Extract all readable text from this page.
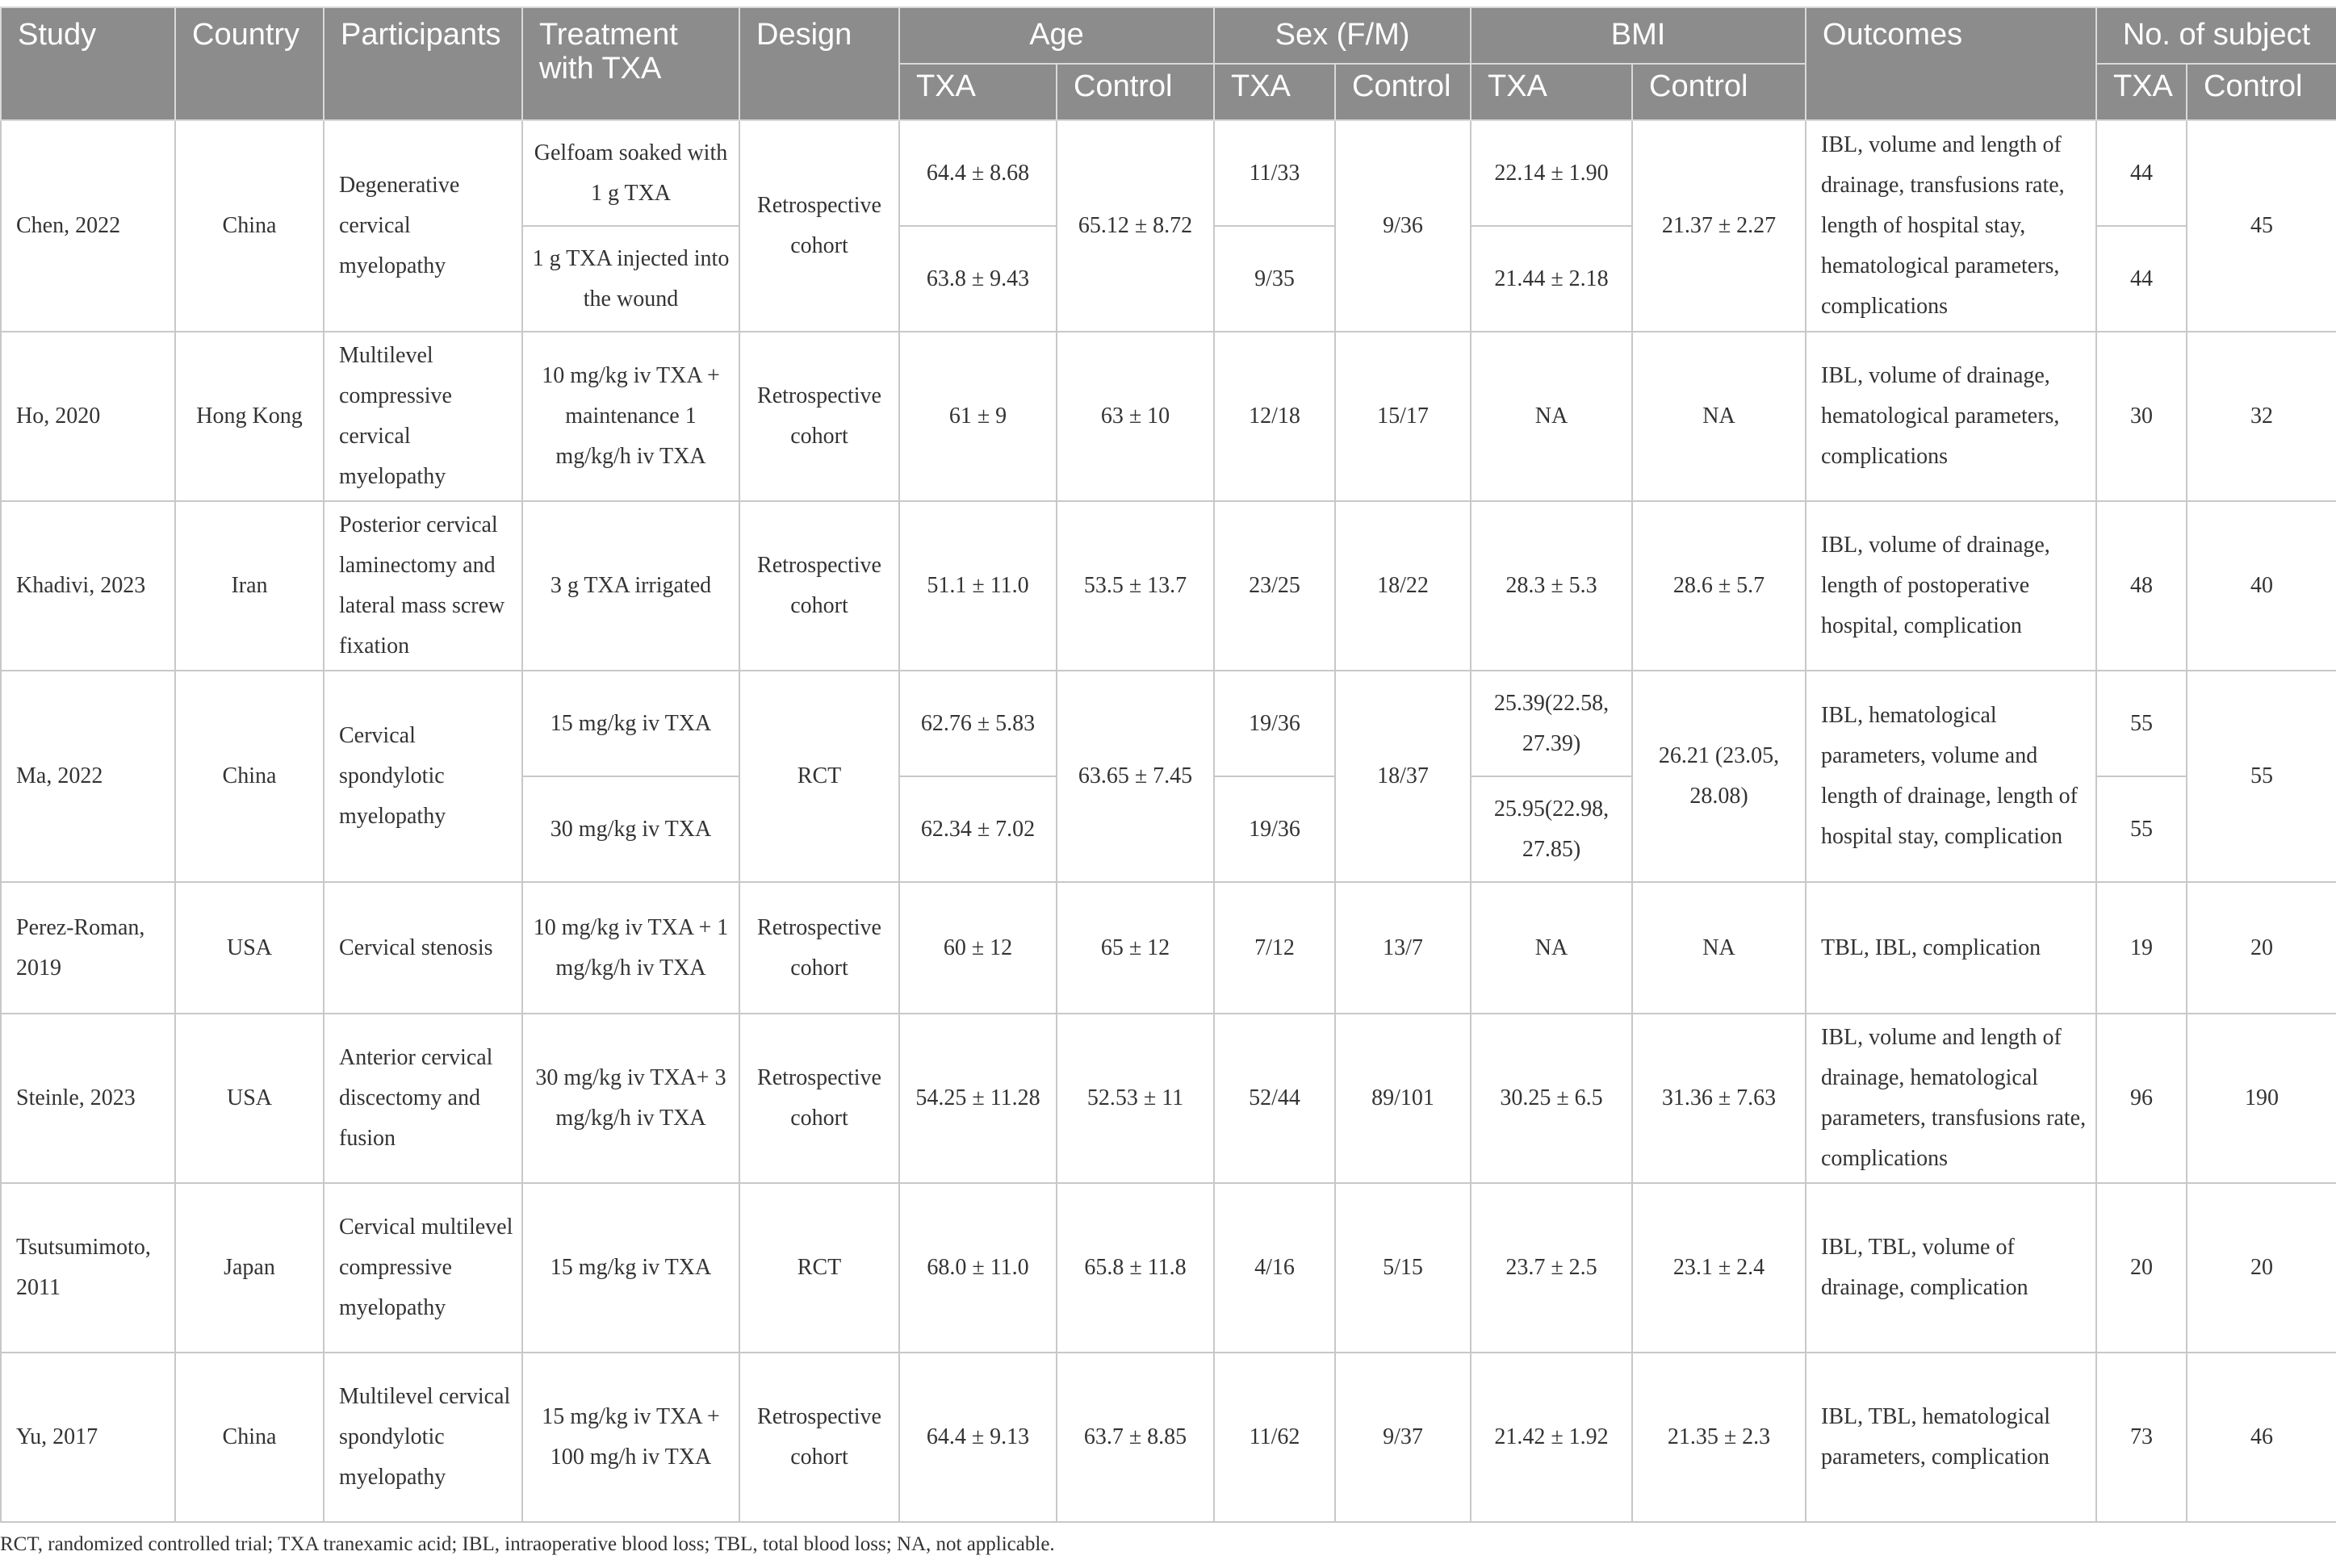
Study	Country	Participants	Treatment with TXA	Design	Age		Sex (F/M)		BMI		Outcomes	No. of subject	
					TXA	Control	TXA	Control	TXA	Control		TXA	Control
Chen, 2022	China	Degenerative cervical myelopathy	Gelfoam soaked with 1 g TXA	Retrospective cohort	64.4 ± 8.68	65.12 ± 8.72	11/33	9/36	22.14 ± 1.90	21.37 ± 2.27	IBL, volume and length of drainage, transfusions rate, length of hospital stay, hematological parameters, complications	44	45
			1 g TXA injected into the wound		63.8 ± 9.43		9/35		21.44 ± 2.18			44	
Ho, 2020	Hong Kong	Multilevel compressive cervical myelopathy	10 mg/kg iv TXA + maintenance 1 mg/kg/h iv TXA	Retrospective cohort	61 ± 9	63 ± 10	12/18	15/17	NA	NA	IBL, volume of drainage, hematological parameters, complications	30	32
Khadivi, 2023	Iran	Posterior cervical laminectomy and lateral mass screw fixation	3 g TXA irrigated	Retrospective cohort	51.1 ± 11.0	53.5 ± 13.7	23/25	18/22	28.3 ± 5.3	28.6 ± 5.7	IBL, volume of drainage, length of postoperative hospital, complication	48	40
Ma, 2022	China	Cervical spondylotic myelopathy	15 mg/kg iv TXA	RCT	62.76 ± 5.83	63.65 ± 7.45	19/36	18/37	25.39(22.58, 27.39)	26.21 (23.05, 28.08)	IBL, hematological parameters, volume and length of drainage, length of hospital stay, complication	55	55
			30 mg/kg iv TXA		62.34 ± 7.02		19/36		25.95(22.98, 27.85)			55	
Perez-Roman, 2019	USA	Cervical stenosis	10 mg/kg iv TXA + 1 mg/kg/h iv TXA	Retrospective cohort	60 ± 12	65 ± 12	7/12	13/7	NA	NA	TBL, IBL, complication	19	20
Steinle, 2023	USA	Anterior cervical discectomy and fusion	30 mg/kg iv TXA+ 3 mg/kg/h iv TXA	Retrospective cohort	54.25 ± 11.28	52.53 ± 11	52/44	89/101	30.25 ± 6.5	31.36 ± 7.63	IBL, volume and length of drainage, hematological parameters, transfusions rate, complications	96	190
Tsutsumimoto, 2011	Japan	Cervical multilevel compressive myelopathy	15 mg/kg iv TXA	RCT	68.0 ± 11.0	65.8 ± 11.8	4/16	5/15	23.7 ± 2.5	23.1 ± 2.4	IBL, TBL, volume of drainage, complication	20	20
Yu, 2017	China	Multilevel cervical spondylotic myelopathy	15 mg/kg iv TXA + 100 mg/h iv TXA	Retrospective cohort	64.4 ± 9.13	63.7 ± 8.85	11/62	9/37	21.42 ± 1.92	21.35 ± 2.3	IBL, TBL, hematological parameters, complication	73	46
RCT, randomized controlled trial; TXA tranexamic acid; IBL, intraoperative blood loss; TBL, total blood loss; NA, not applicable.
